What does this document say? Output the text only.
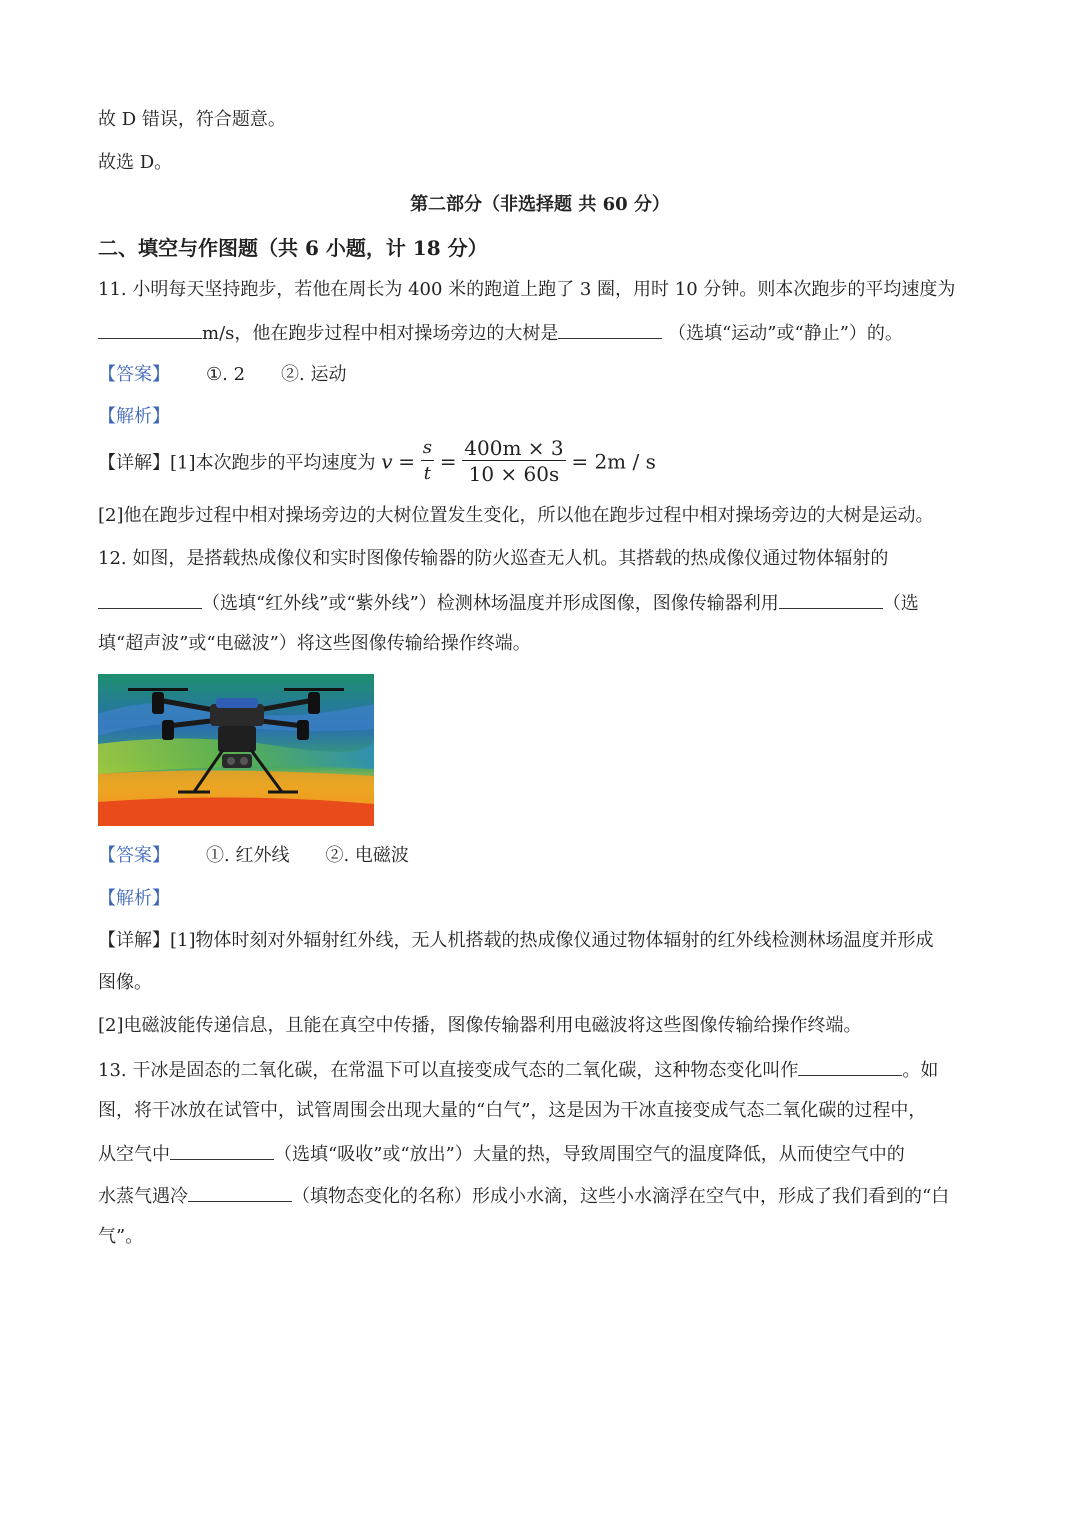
故 D 错误，符合题意。
故选 D。
第二部分（非选择题 共 60 分）
二、填空与作图题（共 6 小题，计 18 分）
11. 小明每天坚持跑步，若他在周长为 400 米的跑道上跑了 3 圈，用时 10 分钟。则本次跑步的平均速度为
m/s，他在跑步过程中相对操场旁边的大树是	（选填“运动”或“静止”）的。
【答案】 ①. 2 ②. 运动
【解析】
【详解】[1]本次跑步的平均速度为 $v = \frac{s}{t} = \frac{400m \times 3}{10 \times 60s} = 2m / s$
[2]他在跑步过程中相对操场旁边的大树位置发生变化，所以他在跑步过程中相对操场旁边的大树是运动。
12. 如图，是搭载热成像仪和实时图像传输器的防火巡查无人机。其搭载的热成像仪通过物体辐射的
（选填“红外线”或“紫外线”）检测林场温度并形成图像，图像传输器利用	（选
填“超声波”或“电磁波”）将这些图像传输给操作终端。
【答案】 ①. 红外线 ②. 电磁波
【解析】
【详解】[1]物体时刻对外辐射红外线，无人机搭载的热成像仪通过物体辐射的红外线检测林场温度并形成
图像。
[2]电磁波能传递信息，且能在真空中传播，图像传输器利用电磁波将这些图像传输给操作终端。
13. 干冰是固态的二氧化碳，在常温下可以直接变成气态的二氧化碳，这种物态变化叫作	。如
图，将干冰放在试管中，试管周围会出现大量的“白气”，这是因为干冰直接变成气态二氧化碳的过程中，
从空气中	（选填“吸收”或“放出”）大量的热，导致周围空气的温度降低，从而使空气中的
水蒸气遇冷	（填物态变化的名称）形成小水滴，这些小水滴浮在空气中，形成了我们看到的“白
气”。
